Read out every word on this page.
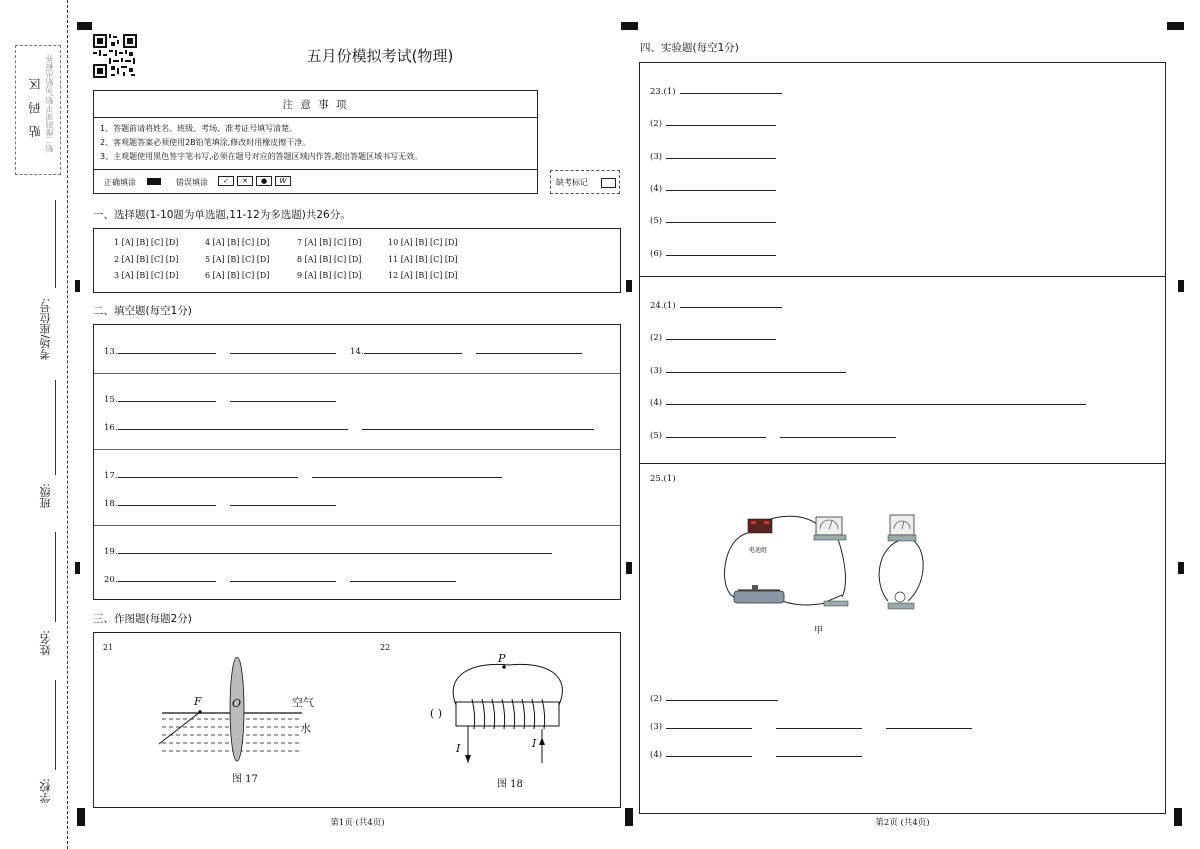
贴 码 区 贴二维码须平贴,勿贴出框外
考场/座位号:
班级:
姓名:
学校:
五月份模拟考试(物理)
注 意 事 项
1、答题前请将姓名、班级、考场、准考证号填写清楚。
2、客观题答案必须使用2B铅笔填涂,修改时用橡皮擦干净。
3、主观题使用黑色签字笔书写,必须在题号对应的答题区域内作答,超出答题区域书写无效。
正确填涂	错误填涂	✓	✕	●	W	缺考标记
一、选择题(1-10题为单选题,11-12为多选题)共26分。
1 [A] [B] [C] [D]	4 [A] [B] [C] [D]	7 [A] [B] [C] [D]	10 [A] [B] [C] [D]
2 [A] [B] [C] [D]	5 [A] [B] [C] [D]	8 [A] [B] [C] [D]	11 [A] [B] [C] [D]
3 [A] [B] [C] [D]	6 [A] [B] [C] [D]	9 [A] [B] [C] [D]	12 [A] [B] [C] [D]
二、填空题(每空1分)
13.	14.
15.
16.
17.
18.
19.
20.
三、作图题(每题2分)
21	22
F	O	空气
水
图 17
P
( )
I	I
图 18
第1页 (共4页)
四、实验题(每空1分)
23.(1)
(2)
(3)
(4)
(5)
(6)
24.(1)
(2)
(3)
(4)
(5)
25.(1)
电池组
甲
(2)
(3)
(4)
第2页 (共4页)
